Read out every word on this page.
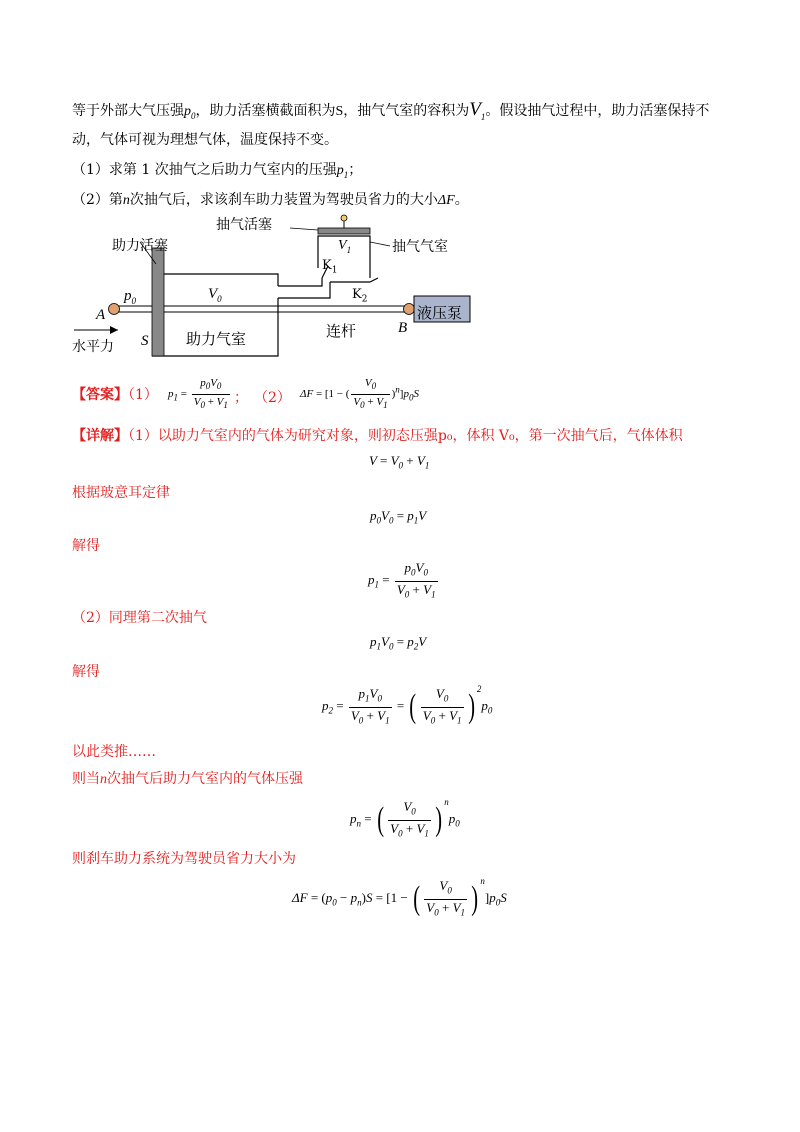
等于外部大气压强$p_0$，助力活塞横截面积为S，抽气气室的容积为$V_1$。假设抽气过程中，助力活塞保持不
动，气体可视为理想气体，温度保持不变。
（1）求第 1 次抽气之后助力气室内的压强$p_1$；
（2）第n次抽气后，求该刹车助力装置为驾驶员省力的大小ΔF。
抽气活塞
助力活塞	抽气气室
$V_1$
$K_1$
$K_2$
$p_0$	$V_0$
A
B
S
水平力	助力气室	连杆
液压泵
【答案】（1） $p_1 = \frac{p_0V_0}{V_0 + V_1}$ ； （2） ΔF = [1 − ( $\frac{V_0}{V_0 + V_1} )^n]p_0S$
【详解】（1）以助力气室内的气体为研究对象，则初态压强p₀，体积 V₀，第一次抽气后，气体体积
$V = V_0 + V_1$
根据玻意耳定律
$p_0V_0 = p_1V$
解得
$p_1 = \frac{p_0V_0}{V_0 + V_1}$
（2）同理第二次抽气
$p_1V_0 = p_2V$
解得
$p_2 = \frac{p_1V_0}{V_0 + V_1}$ = ( $\frac{V_0}{V_0 + V_1}$ ) $^2p_0$
以此类推……
则当n次抽气后助力气室内的气体压强
$p_n$ = ( $\frac{V_0}{V_0 + V_1}$ ) $^np_0$
则刹车助力系统为驾驶员省力大小为
$\Delta F = (p_0 - p_n)S = [1$ − ( $\frac{V_0}{V_0 + V_1}$ ) $^n]p_0S$
